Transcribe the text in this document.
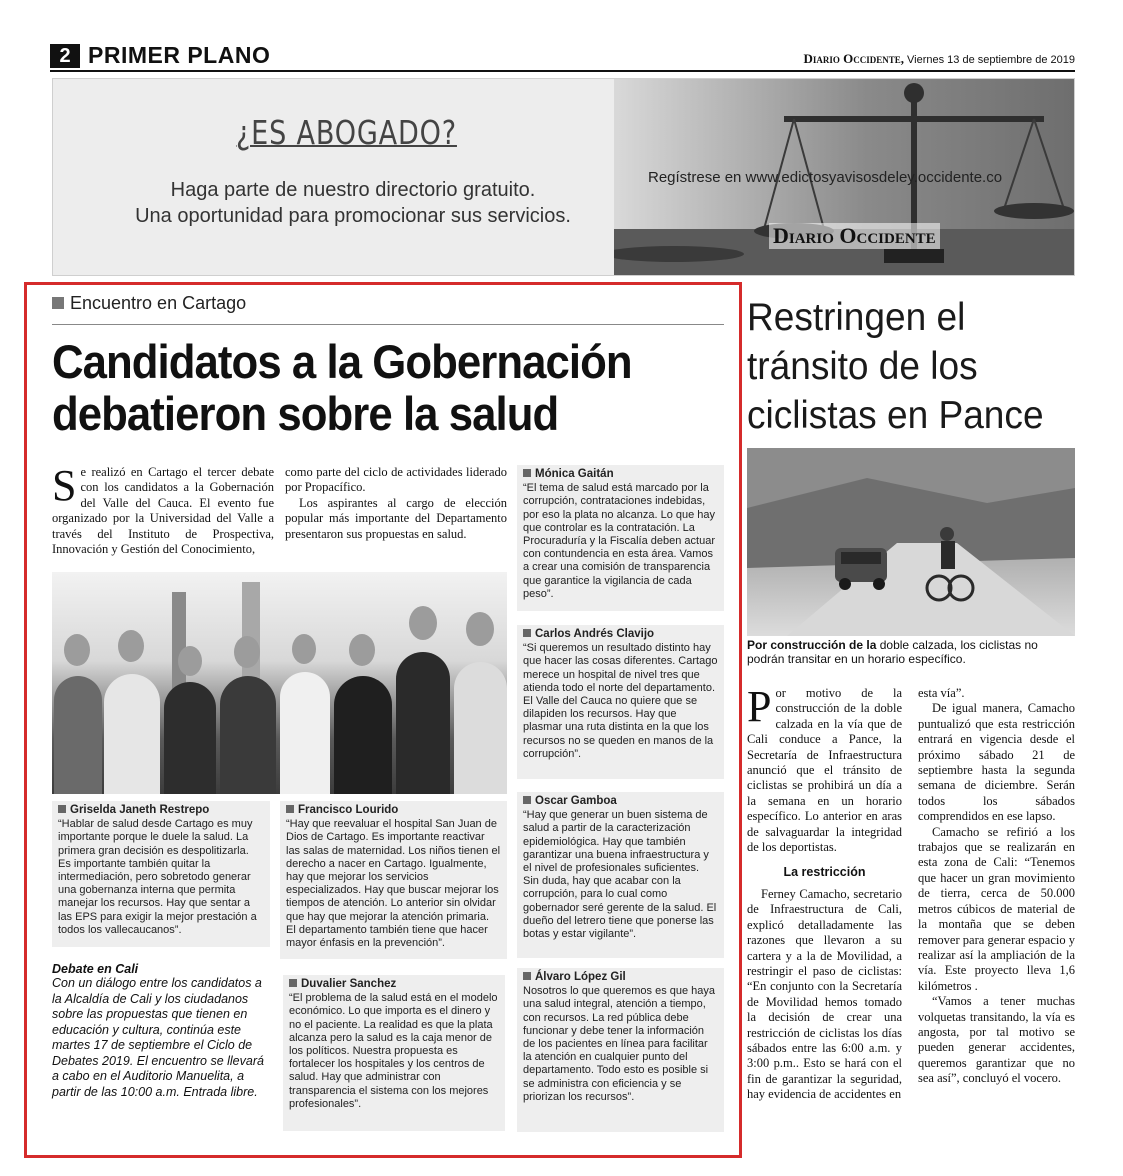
2 PRIMER PLANO	Diario Occidente, Viernes 13 de septiembre de 2019
¿ES ABOGADO?
Haga parte de nuestro directorio gratuito.
Una oportunidad para promocionar sus servicios.
Regístrese en www.edictosyavisosdeley.occidente.co
Diario Occidente
Encuentro en Cartago
Candidatos a la Gobernación
debatieron sobre la salud
Se realizó en Cartago el tercer debate con los candidatos a la Gobernación del Valle del Cauca. El evento fue organizado por la Universidad del Valle a través del Instituto de Prospectiva, Innovación y Gestión del Conocimiento,

como parte del ciclo de actividades liderado por Propacífico.

Los aspirantes al cargo de elección popular más importante del Departamento presentaron sus propuestas en salud.

Mónica Gaitán
“El tema de salud está marcado por la corrupción, contrataciones indebidas, por eso la plata no alcanza. Lo que hay que controlar es la contratación. La Procuraduría y la Fiscalía deben actuar con contundencia en esta área. Vamos a crear una comisión de transparencia que garantice la vigilancia de cada peso”.
Carlos Andrés Clavijo
“Si queremos un resultado distinto hay que hacer las cosas diferentes. Cartago merece un hospital de nivel tres que atienda todo el norte del departamento. El Valle del Cauca no quiere que se dilapiden los recursos. Hay que plasmar una ruta distinta en la que los recursos no se queden en manos de la corrupción”.
Oscar Gamboa
“Hay que generar un buen sistema de salud a partir de la caracterización epidemiológica. Hay que también garantizar una buena infraestructura y el nivel de profesionales suficientes. Sin duda, hay que acabar con la corrupción, para lo cual como gobernador seré gerente de la salud. El dueño del letrero tiene que ponerse las botas y estar vigilante”.
Griselda Janeth Restrepo
“Hablar de salud desde Cartago es muy importante porque le duele la salud. La primera gran decisión es despolitizarla. Es importante también quitar la intermediación, pero sobretodo generar una gobernanza interna que permita manejar los recursos. Hay que sentar a las EPS para exigir la mejor prestación a todos los vallecaucanos”.
Francisco Lourido
“Hay que reevaluar el hospital San Juan de Dios de Cartago. Es importante reactivar las salas de maternidad. Los niños tienen el derecho a nacer en Cartago. Igualmente, hay que mejorar los servicios especializados. Hay que buscar mejorar los tiempos de atención. Lo anterior sin olvidar que hay que mejorar la atención primaria. El departamento también tiene que hacer mayor énfasis en la prevención”.
Duvalier Sanchez
“El problema de la salud está en el modelo económico. Lo que importa es el dinero y no el paciente. La realidad es que la plata alcanza pero la salud es la caja menor de los políticos. Nuestra propuesta es fortalecer los hospitales y los centros de salud. Hay que administrar con transparencia el sistema con los mejores profesionales”.
Álvaro López Gil
Nosotros lo que queremos es que haya una salud integral, atención a tiempo, con recursos. La red pública debe funcionar y debe tener la información de los pacientes en línea para facilitar la atención en cualquier punto del departamento. Todo esto es posible si se administra con eficiencia y se priorizan los recursos”.
Debate en Cali
Con un diálogo entre los candidatos a la Alcaldía de Cali y los ciudadanos sobre las propuestas que tienen en educación y cultura, continúa este martes 17 de septiembre el Ciclo de Debates 2019. El encuentro se llevará a cabo en el Auditorio Manuelita, a partir de las 10:00 a.m. Entrada libre.
Restringen el
tránsito de los
ciclistas en Pance
Por construcción de la doble calzada, los ciclistas no podrán transitar en un horario específico.

Por motivo de la construcción de la doble calzada en la vía que de Cali conduce a Pance, la Secretaría de Infraestructura anunció que el tránsito de ciclistas se prohibirá un día a la semana en un horario específico. Lo anterior en aras de salvaguardar la integridad de los deportistas.

La restricción

Ferney Camacho, secretario de Infraestructura de Cali, explicó detalladamente las razones que llevaron a su cartera y a la de Movilidad, a restringir el paso de ciclistas: “En conjunto con la Secretaría de Movilidad hemos tomado la decisión de crear una restricción de ciclistas los días sábados entre las 6:00 a.m. y 3:00 p.m.. Esto se hará con el fin de garantizar la seguridad, hay evidencia de accidentes en

esta vía”.

De igual manera, Camacho puntualizó que esta restricción entrará en vigencia desde el próximo sábado 21 de septiembre hasta la segunda semana de diciembre. Serán todos los sábados comprendidos en ese lapso.

Camacho se refirió a los trabajos que se realizarán en esta zona de Cali: “Tenemos que hacer un gran movimiento de tierra, cerca de 50.000 metros cúbicos de material de la montaña que se deben remover para generar espacio y realizar así la ampliación de la vía. Este proyecto lleva 1,6 kilómetros .

“Vamos a tener muchas volquetas transitando, la vía es angosta, por tal motivo se pueden generar accidentes, queremos garantizar que no sea así”, concluyó el vocero.
